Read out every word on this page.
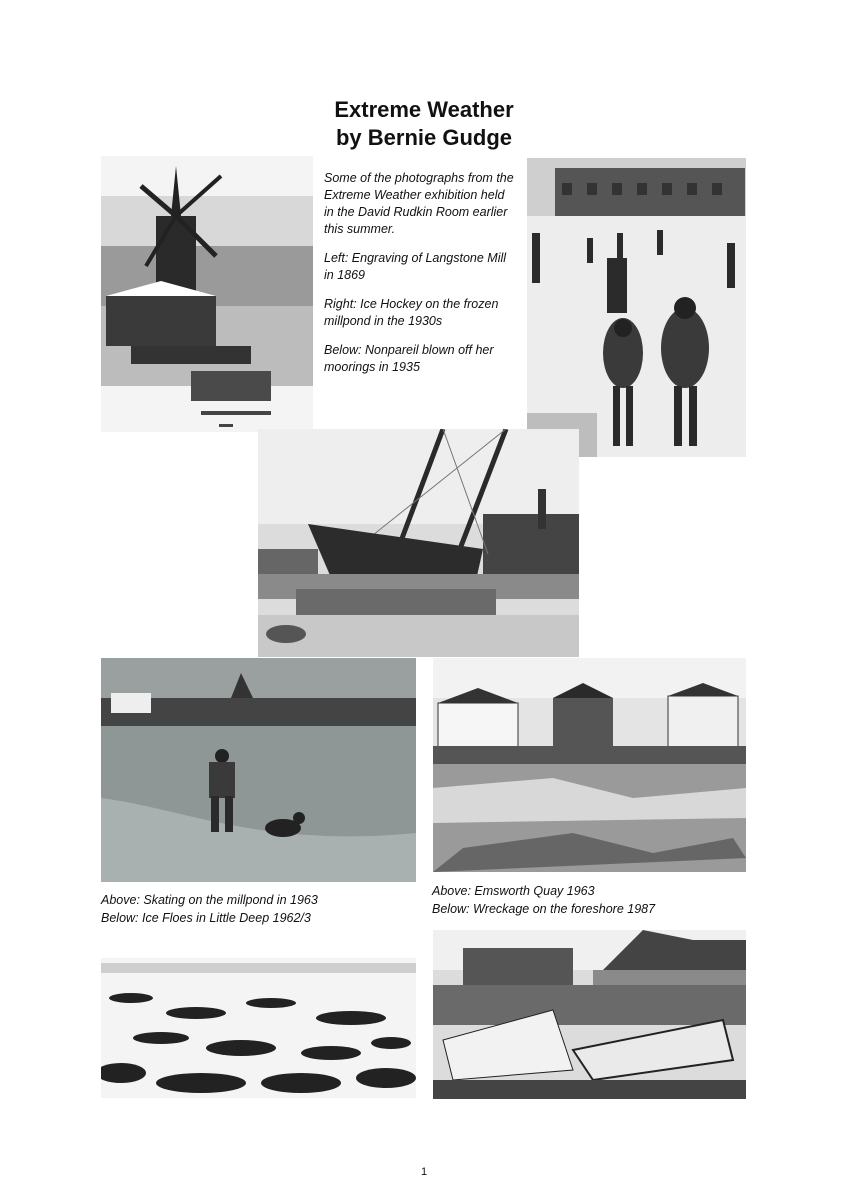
Extreme Weather
by Bernie Gudge

Some of the photographs from the Extreme Weather exhibition held in the David Rudkin Room earlier this summer.

Left: Engraving of Langstone Mill in 1869

Right: Ice Hockey on the frozen millpond in the 1930s

Below: Nonpareil blown off her moorings in 1935

Above: Skating on the millpond in 1963
Below: Ice Floes in Little Deep 1962/3
Above: Emsworth Quay 1963
Below: Wreckage on the foreshore 1987
1
